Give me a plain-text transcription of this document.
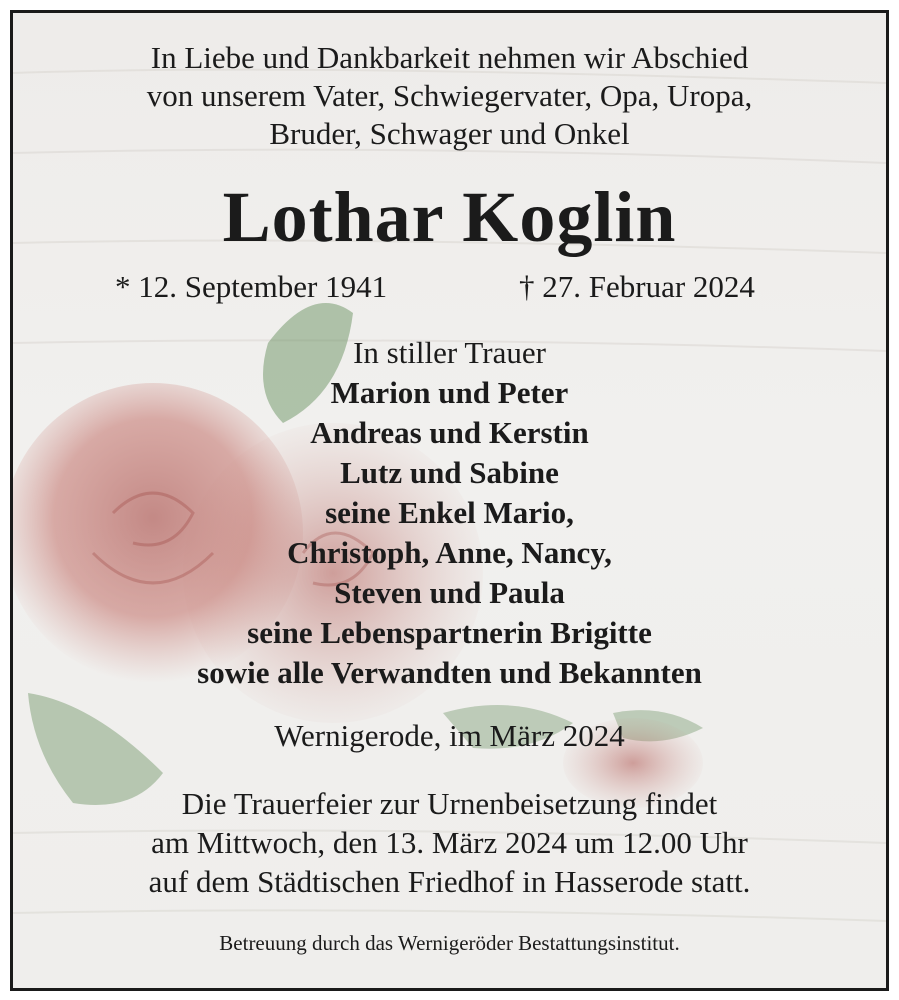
In Liebe und Dankbarkeit nehmen wir Abschied
von unserem Vater, Schwiegervater, Opa, Uropa,
Bruder, Schwager und Onkel
Lothar Koglin
* 12. September 1941	† 27. Februar 2024
In stiller Trauer
Marion und Peter
Andreas und Kerstin
Lutz und Sabine
seine Enkel Mario,
Christoph, Anne, Nancy,
Steven und Paula
seine Lebenspartnerin Brigitte
sowie alle Verwandten und Bekannten
Wernigerode, im März 2024
Die Trauerfeier zur Urnenbeisetzung findet
am Mittwoch, den 13. März 2024 um 12.00 Uhr
auf dem Städtischen Friedhof in Hasserode statt.
Betreuung durch das Wernigeröder Bestattungsinstitut.
